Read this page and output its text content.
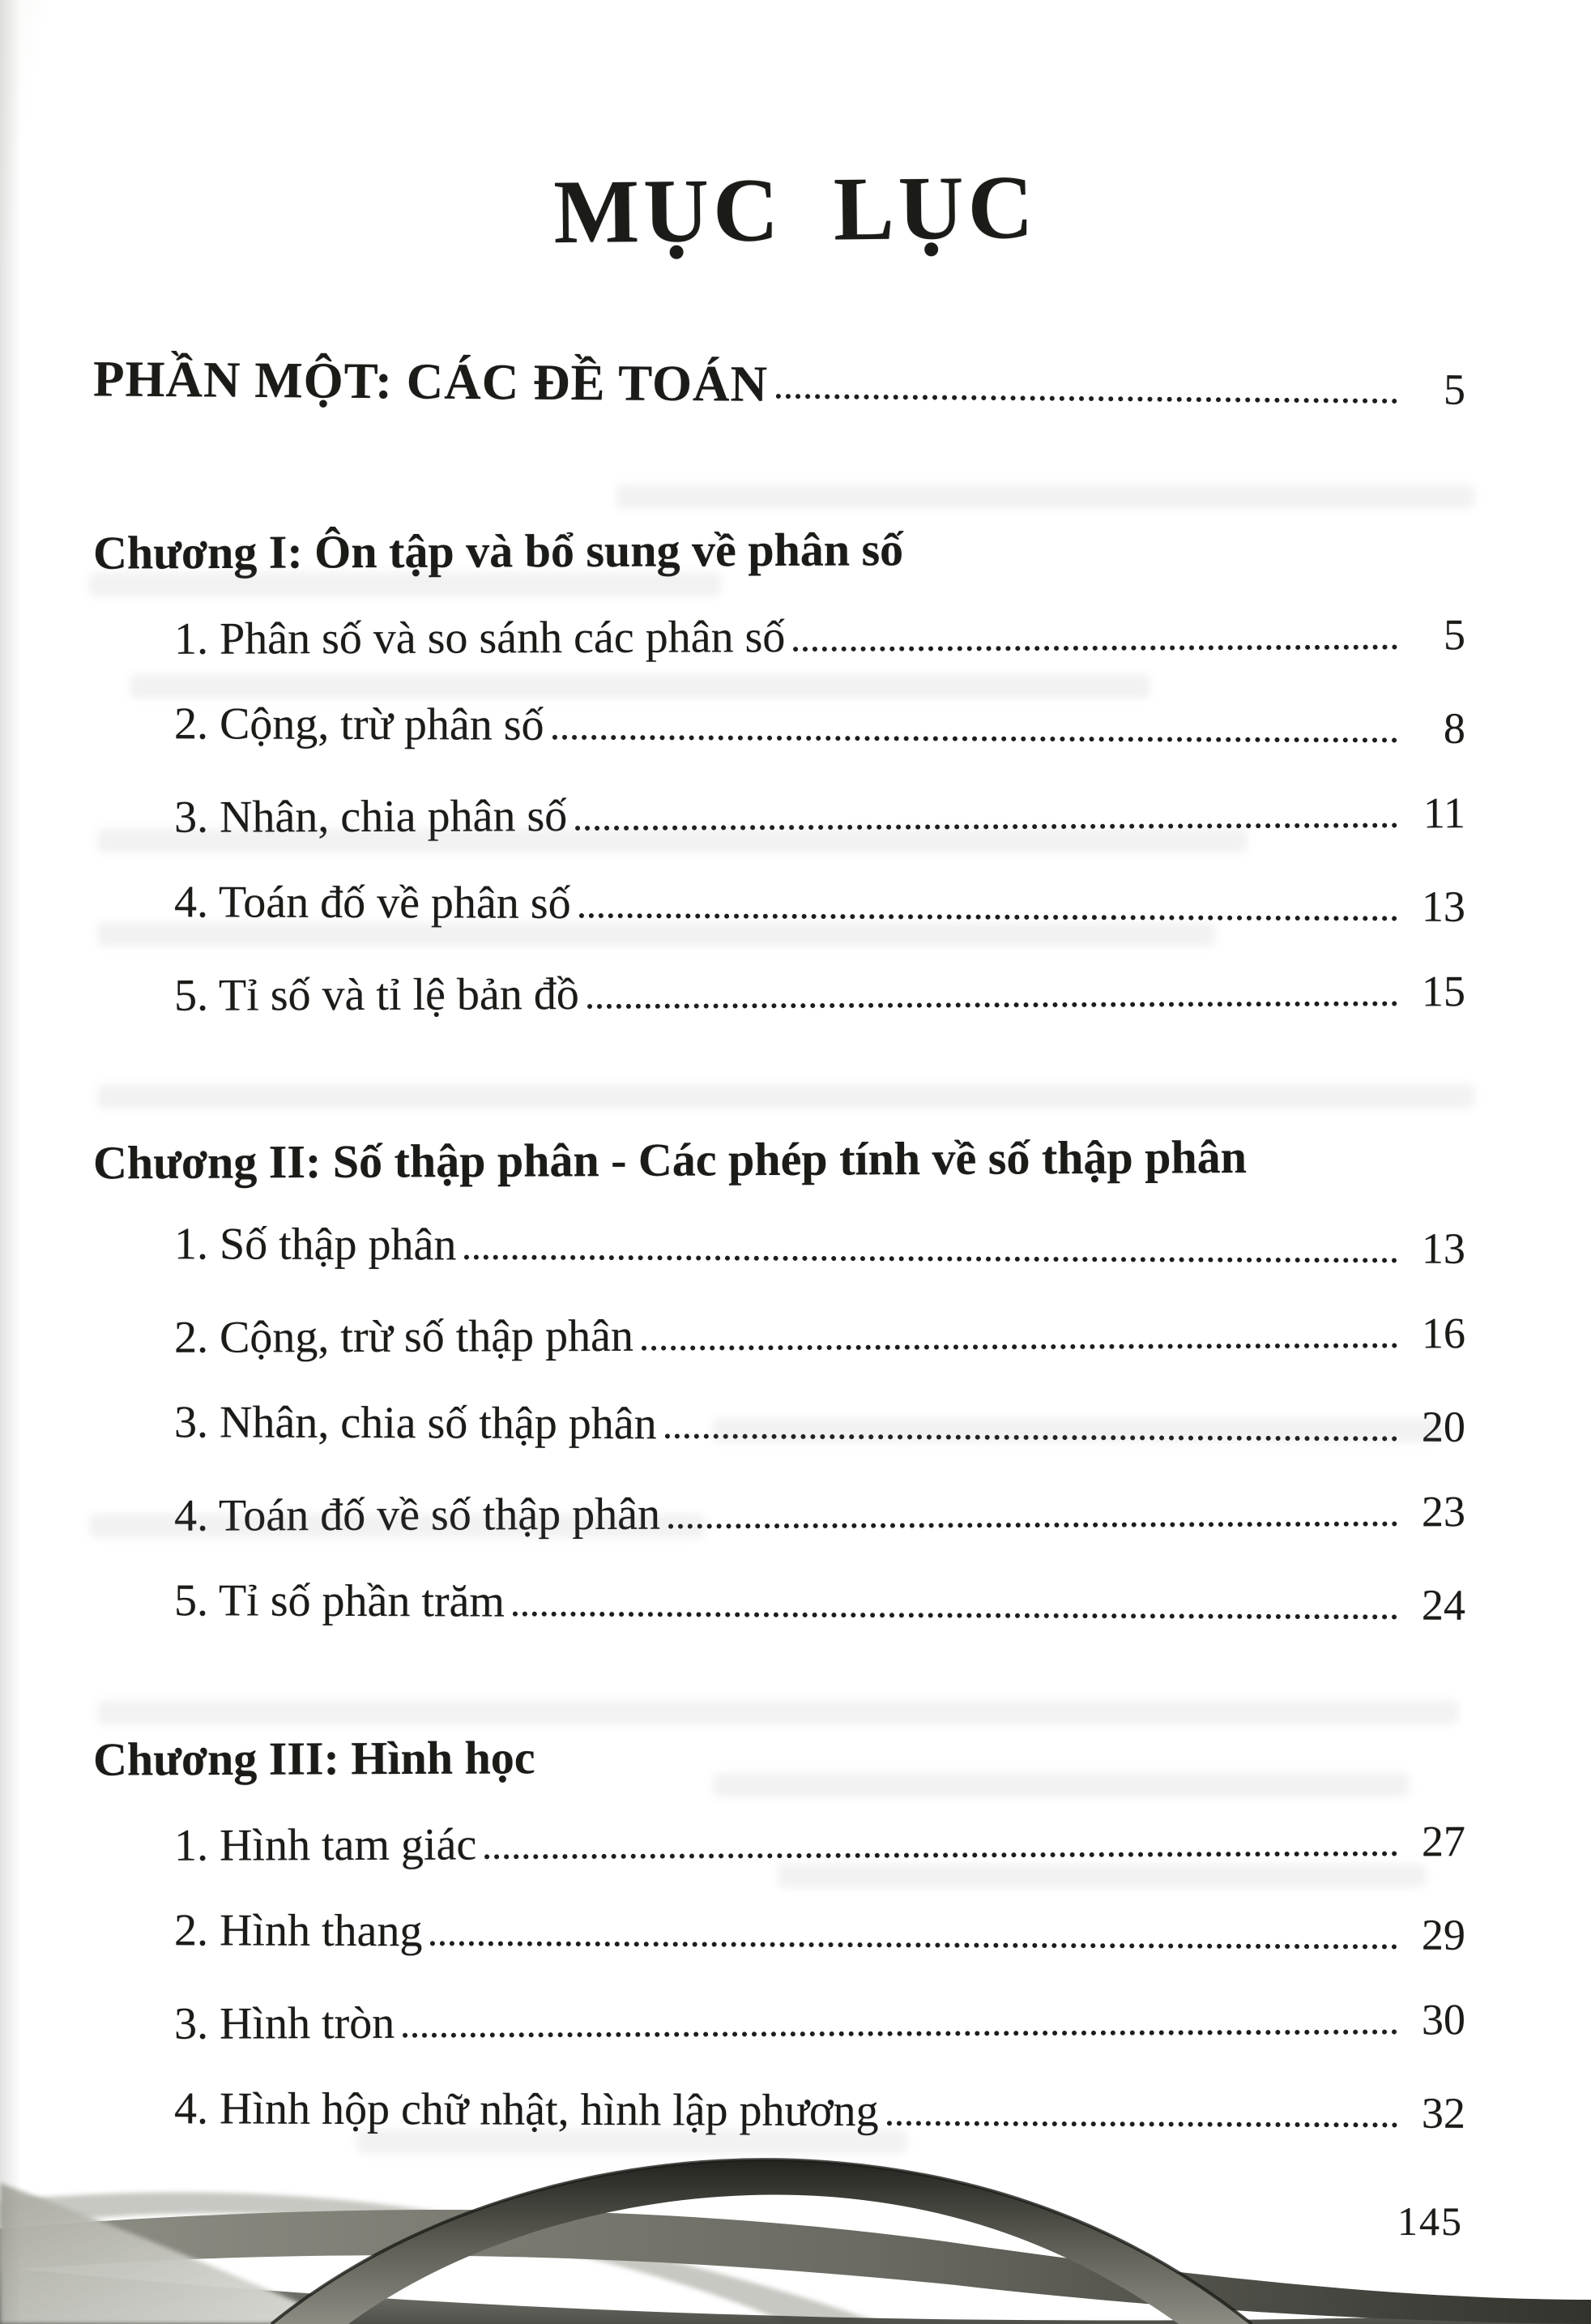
MỤC LỤC
PHẦN MỘT: CÁC ĐỀ TOÁN	5
Chương I: Ôn tập và bổ sung về phân số
1. Phân số và so sánh các phân số	5
2. Cộng, trừ phân số	8
3. Nhân, chia phân số	11
4. Toán đố về phân số	13
5. Tỉ số và tỉ lệ bản đồ	15
Chương II: Số thập phân - Các phép tính về số thập phân
1. Số thập phân	13
2. Cộng, trừ số thập phân	16
3. Nhân, chia số thập phân	20
4. Toán đố về số thập phân	23
5. Tỉ số phần trăm	24
Chương III: Hình học
1. Hình tam giác	27
2. Hình thang	29
3. Hình tròn	30
4. Hình hộp chữ nhật, hình lập phương	32
145
